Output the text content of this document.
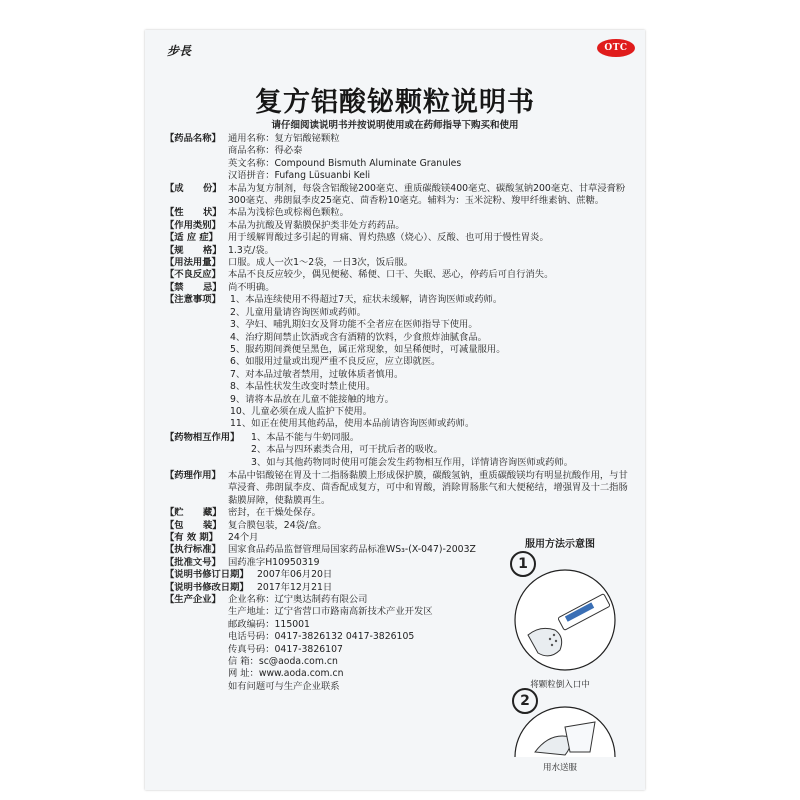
步長	OTC
复方铝酸铋颗粒说明书
请仔细阅读说明书并按说明使用或在药师指导下购买和使用
【药品名称】 通用名称：复方铝酸铋颗粒
商品名称：得必泰
英文名称：Compound Bismuth Aluminate Granules
汉语拼音：Fufang Lüsuanbi Keli
【成      份】 本品为复方制剂，每袋含铝酸铋200毫克、重质碳酸镁400毫克、碳酸氢钠200毫克、甘草浸膏粉300毫克、弗朗鼠李皮25毫克、茴香粉10毫克。辅料为：玉米淀粉、羧甲纤维素钠、蔗糖。
【性      状】 本品为浅棕色或棕褐色颗粒。
【作用类别】 本品为抗酸及胃黏膜保护类非处方药药品。
【适 应 症】	用于缓解胃酸过多引起的胃痛、胃灼热感（烧心）、反酸、也可用于慢性胃炎。
【规      格】 1.3克/袋。
【用法用量】 口服。成人一次1～2袋，一日3次，饭后服。
【不良反应】 本品不良反应较少，偶见便秘、稀便、口干、失眠、恶心，停药后可自行消失。
【禁      忌】 尚不明确。
【注意事项】 1、本品连续使用不得超过7天，症状未缓解，请咨询医师或药师。
2、儿童用量请咨询医师或药师。
3、孕妇、哺乳期妇女及肾功能不全者应在医师指导下使用。
4、治疗期间禁止饮酒或含有酒精的饮料，少食煎炸油腻食品。
5、服药期间粪便呈黑色，属正常现象，如呈稀便时，可减量服用。
6、如服用过量或出现严重不良反应，应立即就医。
7、对本品过敏者禁用，过敏体质者慎用。
8、本品性状发生改变时禁止使用。
9、请将本品放在儿童不能接触的地方。
10、儿童必须在成人监护下使用。
11、如正在使用其他药品，使用本品前请咨询医师或药师。
【药物相互作用】	1、本品不能与牛奶同服。
2、本品与四环素类合用，可干扰后者的吸收。
3、如与其他药物同时使用可能会发生药物相互作用，详情请咨询医师或药师。
【药理作用】 本品中铝酸铋在胃及十二指肠黏膜上形成保护膜，碳酸氢钠，重质碳酸镁均有明显抗酸作用，与甘草浸膏、弗朗鼠李皮、茴香配成复方，可中和胃酸，消除胃肠胀气和大便秘结，增强胃及十二指肠黏膜屏障，使黏膜再生。
【贮      藏】 密封，在干燥处保存。
【包      装】 复合膜包装，24袋/盒。
【有 效 期】	24个月
【执行标准】 国家食品药品监督管理局国家药品标准WS₃-(X-047)-2003Z
【批准文号】 国药准字H10950319
【说明书修订日期】 2007年06月20日
【说明书修改日期】 2017年12月21日
【生产企业】 企业名称：辽宁奥达制药有限公司
生产地址：辽宁省营口市路南高新技术产业开发区
邮政编码：115001
电话号码：0417-3826132 0417-3826105
传真号码：0417-3826107
信 箱：sc@aoda.com.cn
网 址：www.aoda.com.cn
如有问题可与生产企业联系
服用方法示意图
1
将颗粒倒入口中
2
用水送服
